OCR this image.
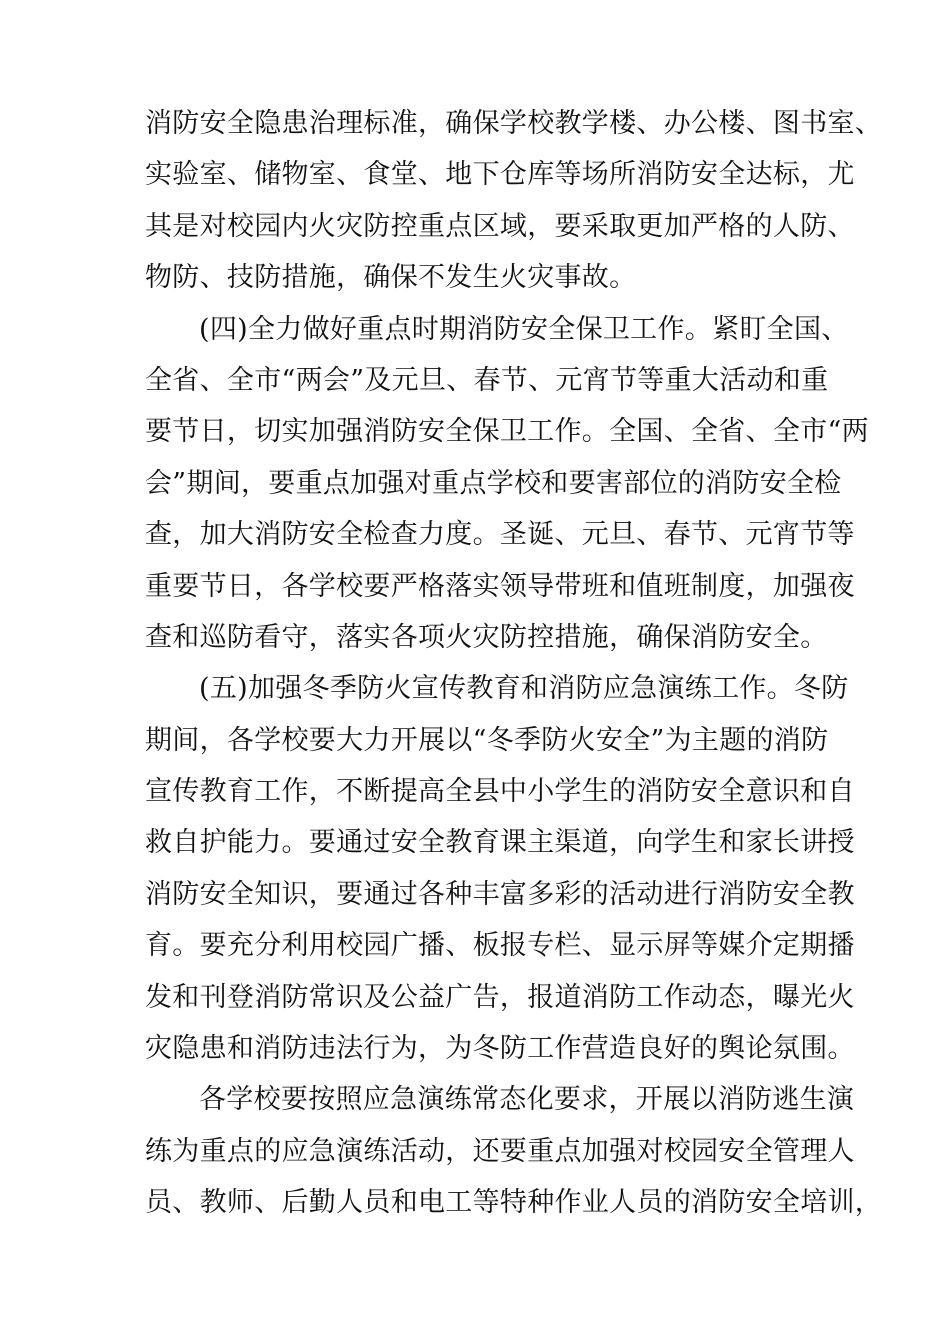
消防安全隐患治理标准，确保学校教学楼、办公楼、图书室、
实验室、储物室、食堂、地下仓库等场所消防安全达标，尤
其是对校园内火灾防控重点区域，要采取更加严格的人防、
物防、技防措施，确保不发生火灾事故。
(四)全力做好重点时期消防安全保卫工作。紧盯全国、
全省、全市“两会”及元旦、春节、元宵节等重大活动和重
要节日，切实加强消防安全保卫工作。全国、全省、全市“两
会”期间，要重点加强对重点学校和要害部位的消防安全检
查，加大消防安全检查力度。圣诞、元旦、春节、元宵节等
重要节日，各学校要严格落实领导带班和值班制度，加强夜
查和巡防看守，落实各项火灾防控措施，确保消防安全。
(五)加强冬季防火宣传教育和消防应急演练工作。冬防
期间，各学校要大力开展以“冬季防火安全”为主题的消防
宣传教育工作，不断提高全县中小学生的消防安全意识和自
救自护能力。要通过安全教育课主渠道，向学生和家长讲授
消防安全知识，要通过各种丰富多彩的活动进行消防安全教
育。要充分利用校园广播、板报专栏、显示屏等媒介定期播
发和刊登消防常识及公益广告，报道消防工作动态，曝光火
灾隐患和消防违法行为，为冬防工作营造良好的舆论氛围。
各学校要按照应急演练常态化要求，开展以消防逃生演
练为重点的应急演练活动，还要重点加强对校园安全管理人
员、教师、后勤人员和电工等特种作业人员的消防安全培训，
